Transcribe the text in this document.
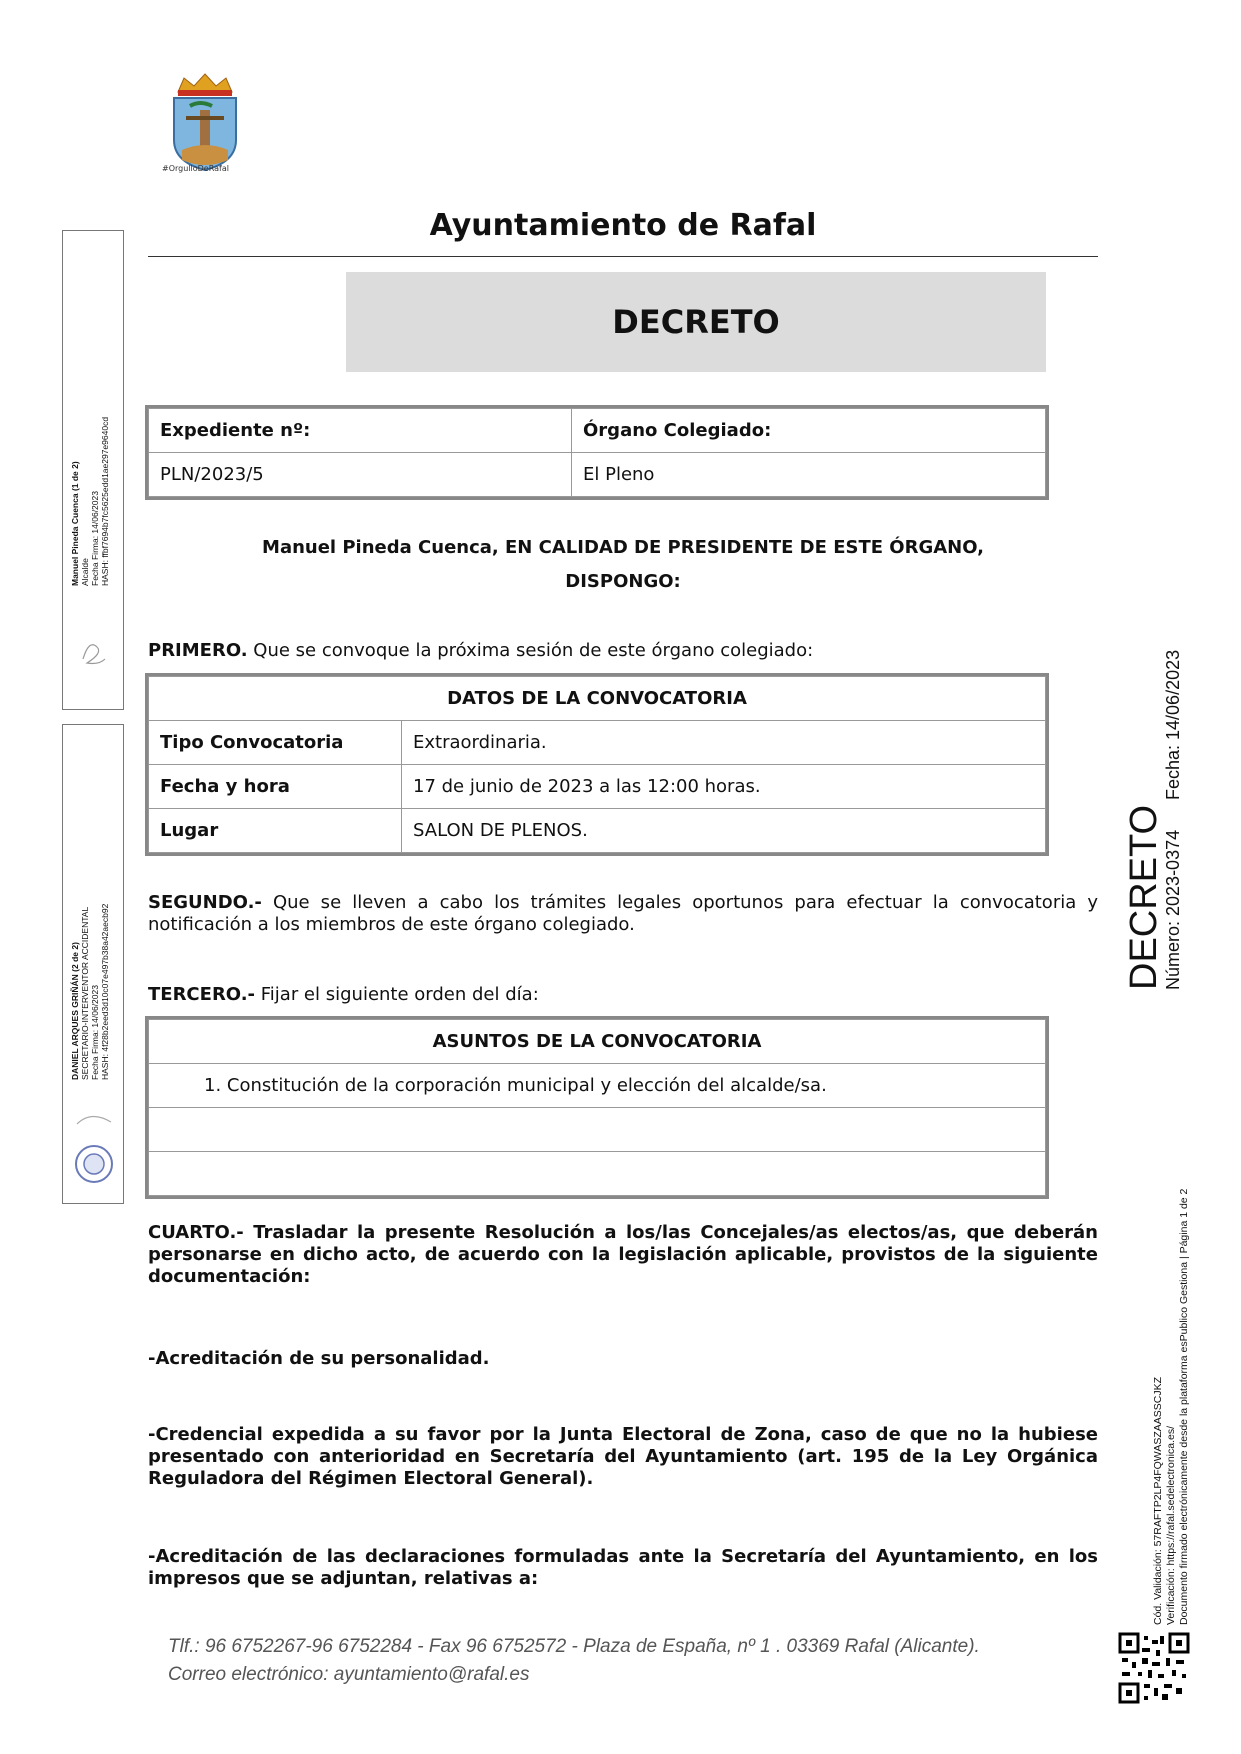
#OrgulloDeRafal
Ayuntamiento de Rafal
DECRETO
Expediente nº:	Órgano Colegiado:
PLN/2023/5	El Pleno
Manuel Pineda Cuenca, EN CALIDAD DE PRESIDENTE DE ESTE ÓRGANO,
DISPONGO:
PRIMERO. Que se convoque la próxima sesión de este órgano colegiado:
DATOS DE LA CONVOCATORIA	
Tipo Convocatoria	Extraordinaria.
Fecha y hora	17 de junio de 2023 a las 12:00 horas.
Lugar	SALON DE PLENOS.
SEGUNDO.- Que se lleven a cabo los trámites legales oportunos para efectuar la convocatoria y notificación a los miembros de este órgano colegiado.
TERCERO.- Fijar el siguiente orden del día:
ASUNTOS DE LA CONVOCATORIA
1. Constitución de la corporación municipal y elección del alcalde/sa.

CUARTO.- Trasladar la presente Resolución a los/las Concejales/as electos/as, que deberán personarse en dicho acto, de acuerdo con la legislación aplicable, provistos de la siguiente documentación:
-Acreditación de su personalidad.
-Credencial expedida a su favor por la Junta Electoral de Zona, caso de que no la hubiese presentado con anterioridad en Secretaría del Ayuntamiento (art. 195 de la Ley Orgánica Reguladora del Régimen Electoral General).
-Acreditación de las declaraciones formuladas ante la Secretaría del Ayuntamiento, en los impresos que se adjuntan, relativas a:
Tlf.: 96 6752267-96 6752284 - Fax 96 6752572 - Plaza de España, nº 1 . 03369 Rafal (Alicante).
Correo electrónico: ayuntamiento@rafal.es
Manuel Pineda Cuenca (1 de 2) Alcalde Fecha Firma: 14/06/2023 HASH: ffbf7694b7fc5625edd1ae297e9640cd
DANIEL ARQUES GRIÑÁN (2 de 2) SECRETARIO-INTERVENTOR ACCIDENTAL Fecha Firma: 14/06/2023 HASH: 4f28b2eed3d10c07e497b38a42aecb92
DECRETO
Número: 2023-0374
Fecha: 14/06/2023
Cód. Validación: 57RAFTP2LP4FQWASZAASSCJKZ Verificación: https://rafal.sedelectronica.es/ Documento firmado electrónicamente desde la plataforma esPublico Gestiona | Página 1 de 2
